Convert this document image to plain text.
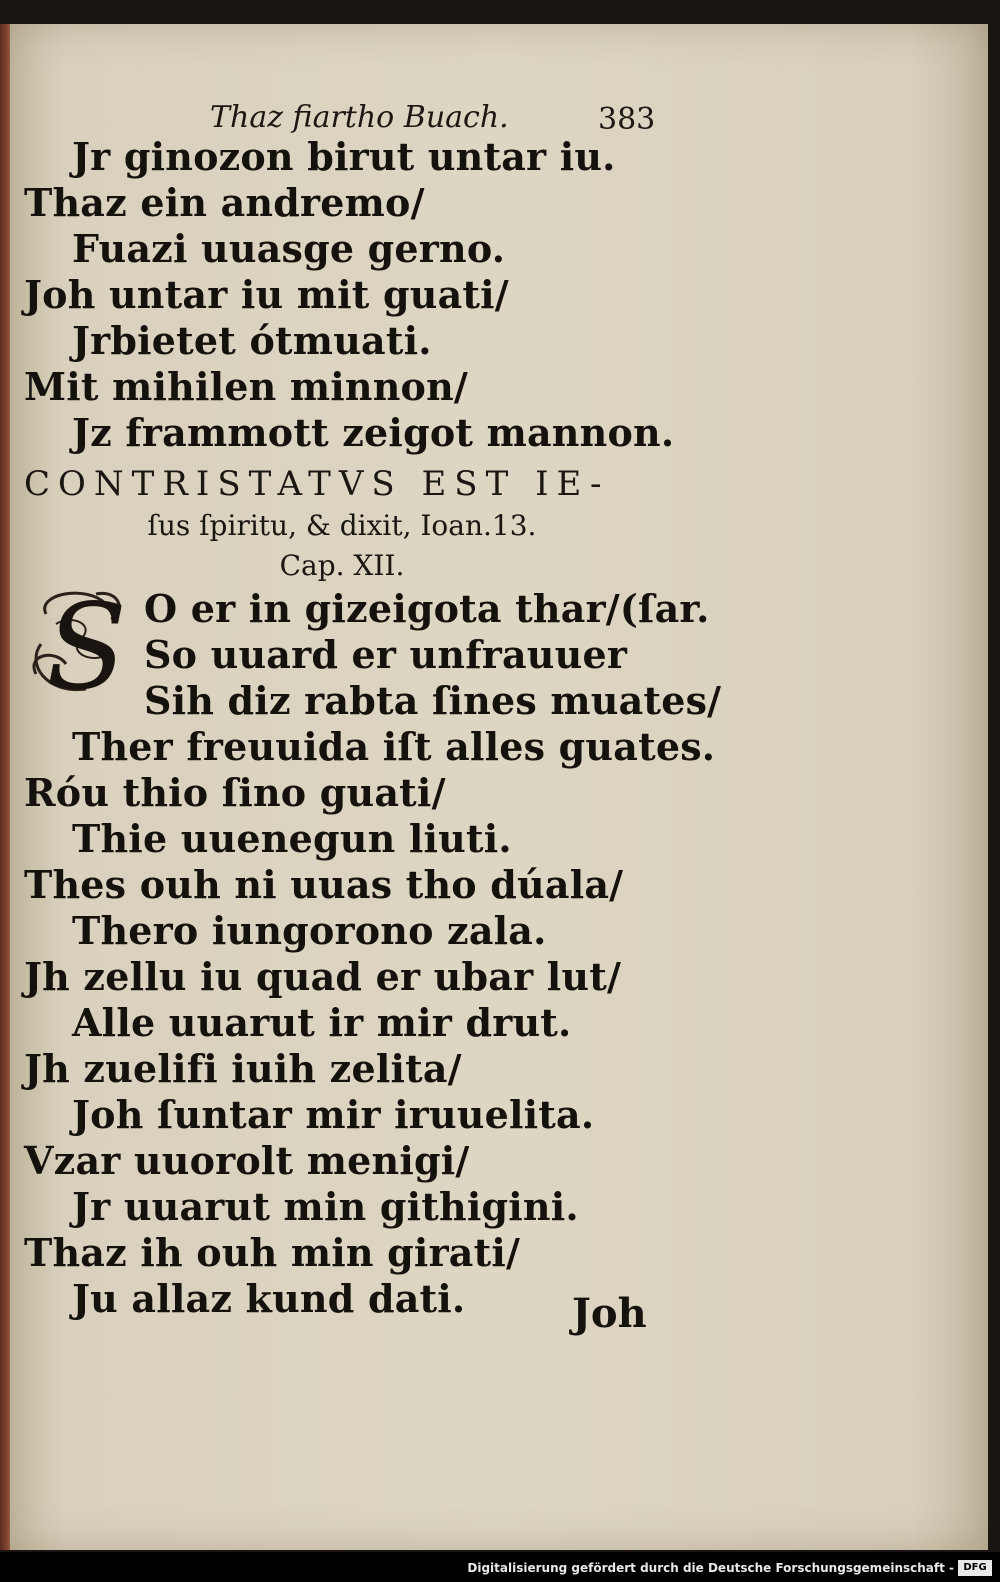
Thaz fiartho Buach.	383
Jr ginozon birut untar iu.
Thaz ein andremo/
Fuazi uuasge gerno.
Joh untar iu mit guati/
Jrbietet ótmuati.
Mit mihilen minnon/
Jz frammott zeigot mannon.
CONTRISTATVS EST IE-
ſus ſpiritu, & dixit, Ioan.13.
Cap. XII.
S O er in gizeigota thar/(ſar.
So uuard er unfrauuer
Sih diz rabta ſines muates/
Ther freuuida iſt alles guates.
Róu thio ſino guati/
Thie uuenegun liuti.
Thes ouh ni uuas tho dúala/
Thero iungorono zala.
Jh zellu iu quad er ubar lut/
Alle uuarut ir mir drut.
Jh zuelifi iuih zelita/
Joh ſuntar mir iruuelita.
Vzar uuorolt menigi/
Jr uuarut min githigini.
Thaz ih ouh min girati/
Ju allaz kund dati.
	Joh
Digitalisierung gefördert durch die Deutsche Forschungsgemeinschaft - DFG
